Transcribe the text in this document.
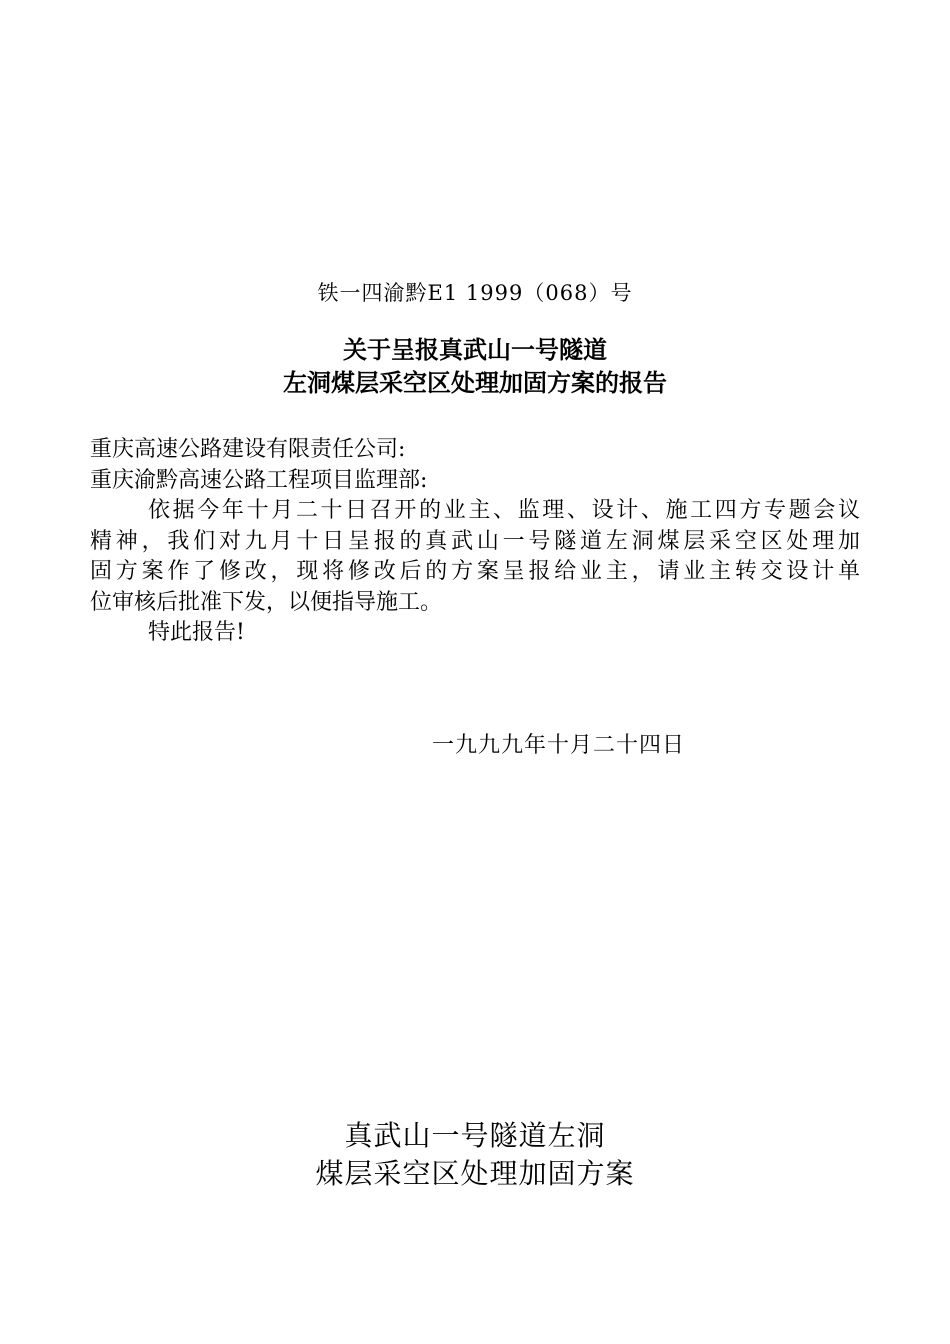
铁一四渝黔E1 1999（068）号
关于呈报真武山一号隧道
左洞煤层采空区处理加固方案的报告
重庆高速公路建设有限责任公司:
重庆渝黔高速公路工程项目监理部:
依据今年十月二十日召开的业主、监理、设计、施工四方专题会议
精神，我们对九月十日呈报的真武山一号隧道左洞煤层采空区处理加
固方案作了修改，现将修改后的方案呈报给业主，请业主转交设计单
位审核后批准下发，以便指导施工。
特此报告!
一九九九年十月二十四日
真武山一号隧道左洞
煤层采空区处理加固方案
